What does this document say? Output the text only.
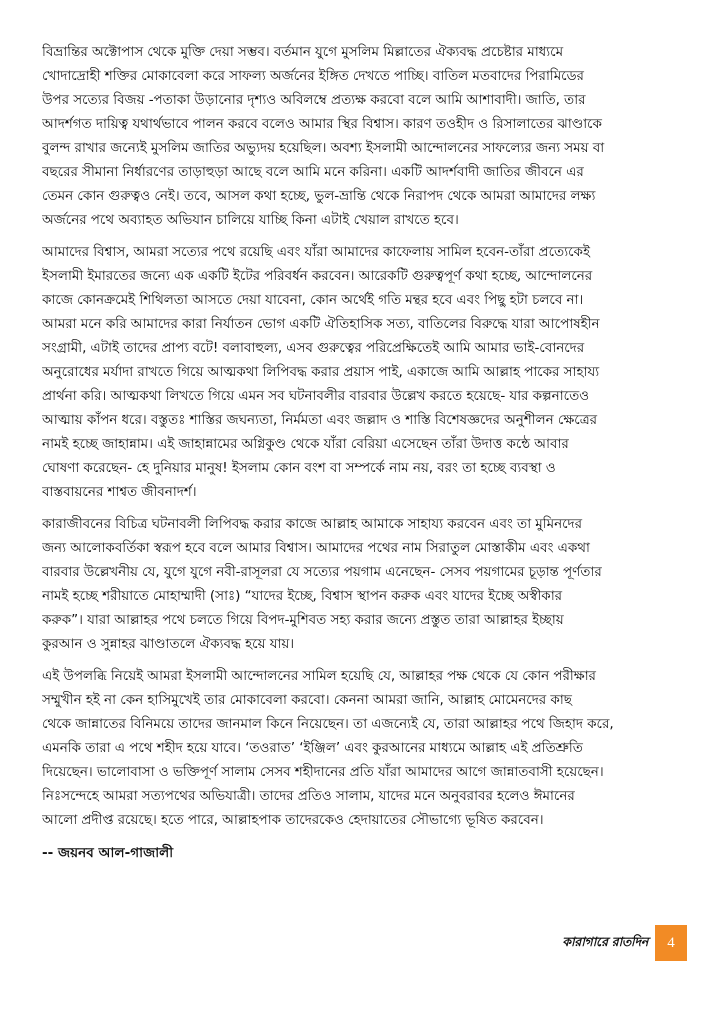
বিভ্রান্তির অক্টোপাস থেকে মুক্তি দেয়া সম্ভব। বর্তমান যুগে মুসলিম মিল্লাতের ঐক্যবদ্ধ প্রচেষ্টার মাধ্যমে
খোদাদ্রোহী শক্তির মোকাবেলা করে সাফল্য অর্জনের ইঙ্গিত দেখতে পাচ্ছি। বাতিল মতবাদের পিরামিডের
উপর সত্যের বিজয় -পতাকা উড়ানোর দৃশ্যও অবিলম্বে প্রত্যক্ষ করবো বলে আমি আশাবাদী। জাতি, তার
আদর্শগত দায়িত্ব যথার্থভাবে পালন করবে বলেও আমার স্থির বিশ্বাস। কারণ তওহীদ ও রিসালাতের ঝাণ্ডাকে
বুলন্দ রাখার জন্যেই মুসলিম জাতির অভ্যুদয় হয়েছিল। অবশ্য ইসলামী আন্দোলনের সাফল্যের জন্য সময় বা
বছরের সীমানা নির্ধারণের তাড়াহুড়া আছে বলে আমি মনে করিনা। একটি আদর্শবাদী জাতির জীবনে এর
তেমন কোন গুরুত্বও নেই। তবে, আসল কথা হচ্ছে, ভুল-ভ্রান্তি থেকে নিরাপদ থেকে আমরা আমাদের লক্ষ্য
অর্জনের পথে অব্যাহত অভিযান চালিয়ে যাচ্ছি কিনা এটাই খেয়াল রাখতে হবে।
আমাদের বিশ্বাস, আমরা সত্যের পথে রয়েছি এবং যাঁরা আমাদের কাফেলায় সামিল হবেন-তাঁরা প্রত্যেকেই
ইসলামী ইমারতের জন্যে এক একটি ইটের পরিবর্ধন করবেন। আরেকটি গুরুত্বপূর্ণ কথা হচ্ছে, আন্দোলনের
কাজে কোনক্রমেই শিথিলতা আসতে দেয়া যাবেনা, কোন অর্থেই গতি মন্থর হবে এবং পিছু হটা চলবে না।
আমরা মনে করি আমাদের কারা নির্যাতন ভোগ একটি ঐতিহাসিক সত্য, বাতিলের বিরুদ্ধে যারা আপোষহীন
সংগ্রামী, এটাই তাদের প্রাপ্য বটে! বলাবাহুল্য, এসব গুরুত্বের পরিপ্রেক্ষিতেই আমি আমার ভাই-বোনদের
অনুরোধের মর্যাদা রাখতে গিয়ে আত্মকথা লিপিবদ্ধ করার প্রয়াস পাই, একাজে আমি আল্লাহ পাকের সাহায্য
প্রার্থনা করি। আত্মকথা লিখতে গিয়ে এমন সব ঘটনাবলীর বারবার উল্লেখ করতে হয়েছে- যার কল্পনাতেও
আত্মায় কাঁপন ধরে। বস্তুতঃ শাস্তির জঘন্যতা, নির্মমতা এবং জল্লাদ ও শাস্তি বিশেষজ্ঞদের অনুশীলন ক্ষেত্রের
নামই হচ্ছে জাহান্নাম। এই জাহান্নামের অগ্নিকুণ্ড থেকে যাঁরা বেরিয়া এসেছেন তাঁরা উদাত্ত কন্ঠে আবার
ঘোষণা করেছেন- হে দুনিয়ার মানুষ! ইসলাম কোন বংশ বা সম্পর্কে নাম নয়, বরং তা হচ্ছে ব্যবস্থা ও
বাস্তবায়নের শাশ্বত জীবনাদর্শ।
কারাজীবনের বিচিত্র ঘটনাবলী লিপিবদ্ধ করার কাজে আল্লাহ আমাকে সাহায্য করবেন এবং তা মুমিনদের
জন্য আলোকবর্তিকা স্বরূপ হবে বলে আমার বিশ্বাস। আমাদের পথের নাম সিরাতুল মোস্তাকীম এবং একথা
বারবার উল্লেখনীয় যে, যুগে যুগে নবী-রাসূলরা যে সত্যের পয়গাম এনেছেন- সেসব পয়গামের চূড়ান্ত পূর্ণতার
নামই হচ্ছে শরীয়াতে মোহাম্মাদী (সাঃ) “যাদের ইচ্ছে, বিশ্বাস স্থাপন করুক এবং যাদের ইচ্ছে অস্বীকার
করুক”। যারা আল্লাহর পথে চলতে গিয়ে বিপদ-মুশিবত সহ্য করার জন্যে প্রস্তুত তারা আল্লাহর ইচ্ছায়
কুরআন ও সুন্নাহর ঝাণ্ডাতলে ঐক্যবদ্ধ হয়ে যায়।
এই উপলব্ধি নিয়েই আমরা ইসলামী আন্দোলনের সামিল হয়েছি যে, আল্লাহর পক্ষ থেকে যে কোন পরীক্ষার
সম্মুখীন হই না কেন হাসিমুখেই তার মোকাবেলা করবো। কেননা আমরা জানি, আল্লাহ মোমেনদের কাছ
থেকে জান্নাতের বিনিময়ে তাদের জানমাল কিনে নিয়েছেন। তা এজন্যেই যে, তারা আল্লাহর পথে জিহাদ করে,
এমনকি তারা এ পথে শহীদ হয়ে যাবে। ‘তওরাত’ ‘ইঞ্জিল’ এবং কুরআনের মাধ্যমে আল্লাহ এই প্রতিশ্রুতি
দিয়েছেন। ভালোবাসা ও ভক্তিপূর্ণ সালাম সেসব শহীদানের প্রতি যাঁরা আমাদের আগে জান্নাতবাসী হয়েছেন।
নিঃসন্দেহে আমরা সত্যপথের অভিযাত্রী। তাদের প্রতিও সালাম, যাদের মনে অনুবরাবর হলেও ঈমানের
আলো প্রদীপ্ত রয়েছে। হতে পারে, আল্লাহপাক তাদেরকেও হেদায়াতের সৌভাগ্যে ভূষিত করবেন।
-- জয়নব আল-গাজালী
কারাগারে রাতদিন	4
